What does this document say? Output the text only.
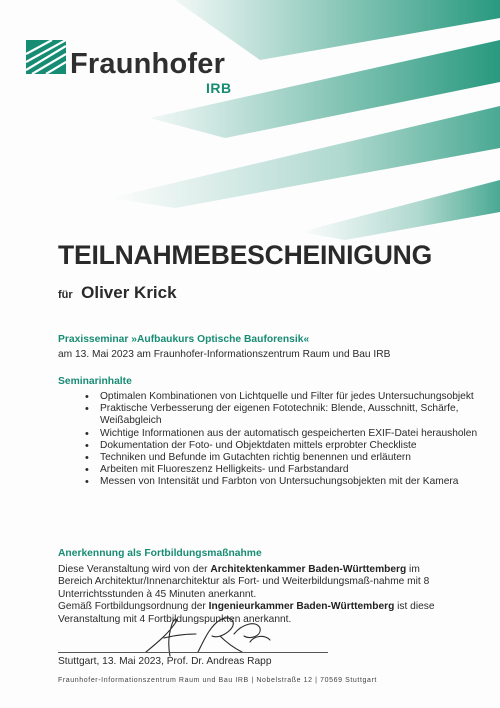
Fraunhofer
IRB
TEILNAHMEBESCHEINIGUNG
für Oliver Krick
Praxisseminar »Aufbaukurs Optische Bauforensik«
am 13. Mai 2023 am Fraunhofer-Informationszentrum Raum und Bau IRB
Seminarinhalte
• Optimalen Kombinationen von Lichtquelle und Filter für jedes Untersuchungsobjekt
• Praktische Verbesserung der eigenen Fototechnik: Blende, Ausschnitt, Schärfe, Weißabgleich
• Wichtige Informationen aus der automatisch gespeicherten EXIF-Datei herausholen
• Dokumentation der Foto- und Objektdaten mittels erprobter Checkliste
• Techniken und Befunde im Gutachten richtig benennen und erläutern
• Arbeiten mit Fluoreszenz Helligkeits- und Farbstandard
• Messen von Intensität und Farbton von Untersuchungsobjekten mit der Kamera
Anerkennung als Fortbildungsmaßnahme

Diese Veranstaltung wird von der Architektenkammer Baden-Württemberg im Bereich Architektur/Innenarchitektur als Fort- und Weiterbildungsmaß-nahme mit 8 Unterrichtsstunden à 45 Minuten anerkannt.

Gemäß Fortbildungsordnung der Ingenieurkammer Baden-Württemberg ist diese Veranstaltung mit 4 Fortbildungspunkten anerkannt.

Stuttgart, 13. Mai 2023, Prof. Dr. Andreas Rapp
Fraunhofer-Informationszentrum Raum und Bau IRB | Nobelstraße 12 | 70569 Stuttgart
